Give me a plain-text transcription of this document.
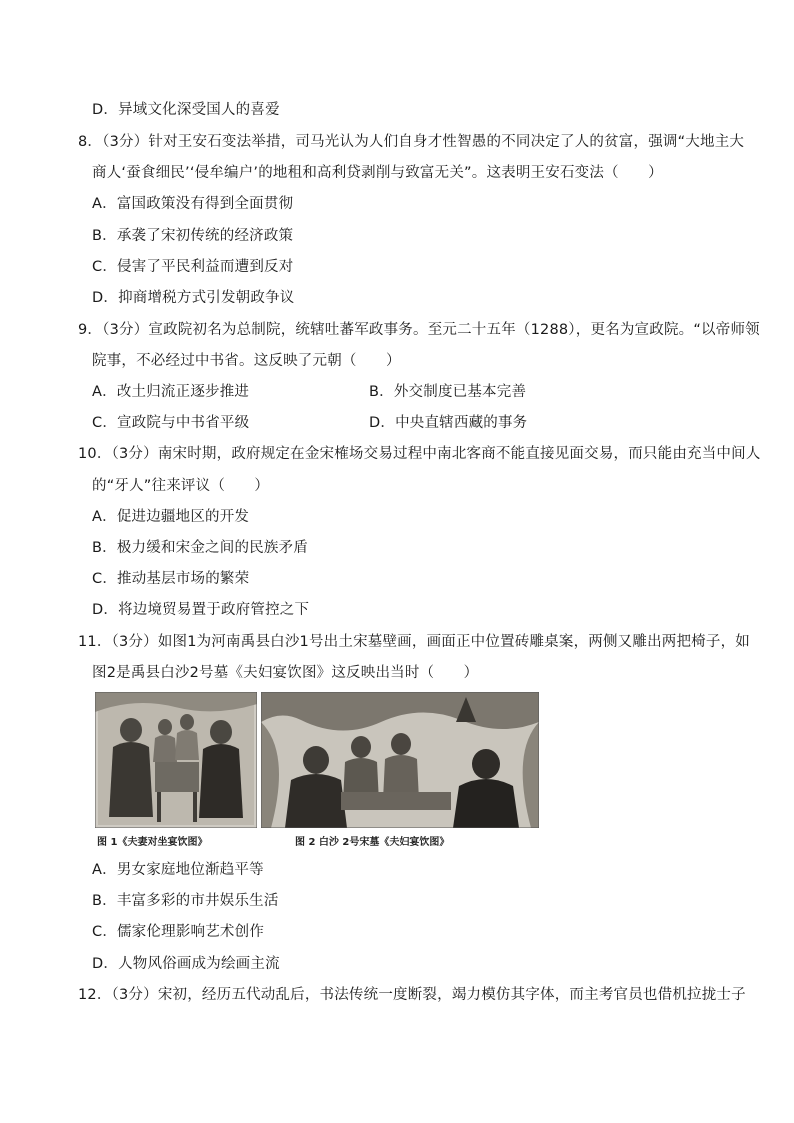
D．异域文化深受国人的喜爱
8．（3分）针对王安石变法举措，司马光认为人们自身才性智愚的不同决定了人的贫富，强调“大地主大
商人‘蚕食细民’‘侵牟编户’的地租和高利贷剥削与致富无关”。这表明王安石变法（　　）
A．富国政策没有得到全面贯彻
B．承袭了宋初传统的经济政策
C．侵害了平民利益而遭到反对
D．抑商增税方式引发朝政争议
9．（3分）宣政院初名为总制院，统辖吐蕃军政事务。至元二十五年（1288），更名为宣政院。“以帝师领
院事，不必经过中书省。这反映了元朝（　　）
A．改土归流正逐步推进	B．外交制度已基本完善
C．宣政院与中书省平级	D．中央直辖西藏的事务
10．（3分）南宋时期，政府规定在金宋榷场交易过程中南北客商不能直接见面交易，而只能由充当中间人
的“牙人”往来评议（　　）
A．促进边疆地区的开发
B．极力缓和宋金之间的民族矛盾
C．推动基层市场的繁荣
D．将边境贸易置于政府管控之下
11．（3分）如图1为河南禹县白沙1号出土宋墓壁画，画面正中位置砖雕桌案，两侧又雕出两把椅子，如
图2是禹县白沙2号墓《夫妇宴饮图》这反映出当时（　　）
图 1《夫妻对坐宴饮图》	图 2 白沙 2号宋墓《夫妇宴饮图》
A．男女家庭地位渐趋平等
B．丰富多彩的市井娱乐生活
C．儒家伦理影响艺术创作
D．人物风俗画成为绘画主流
12．（3分）宋初，经历五代动乱后，书法传统一度断裂，竭力模仿其字体，而主考官员也借机拉拢士子
